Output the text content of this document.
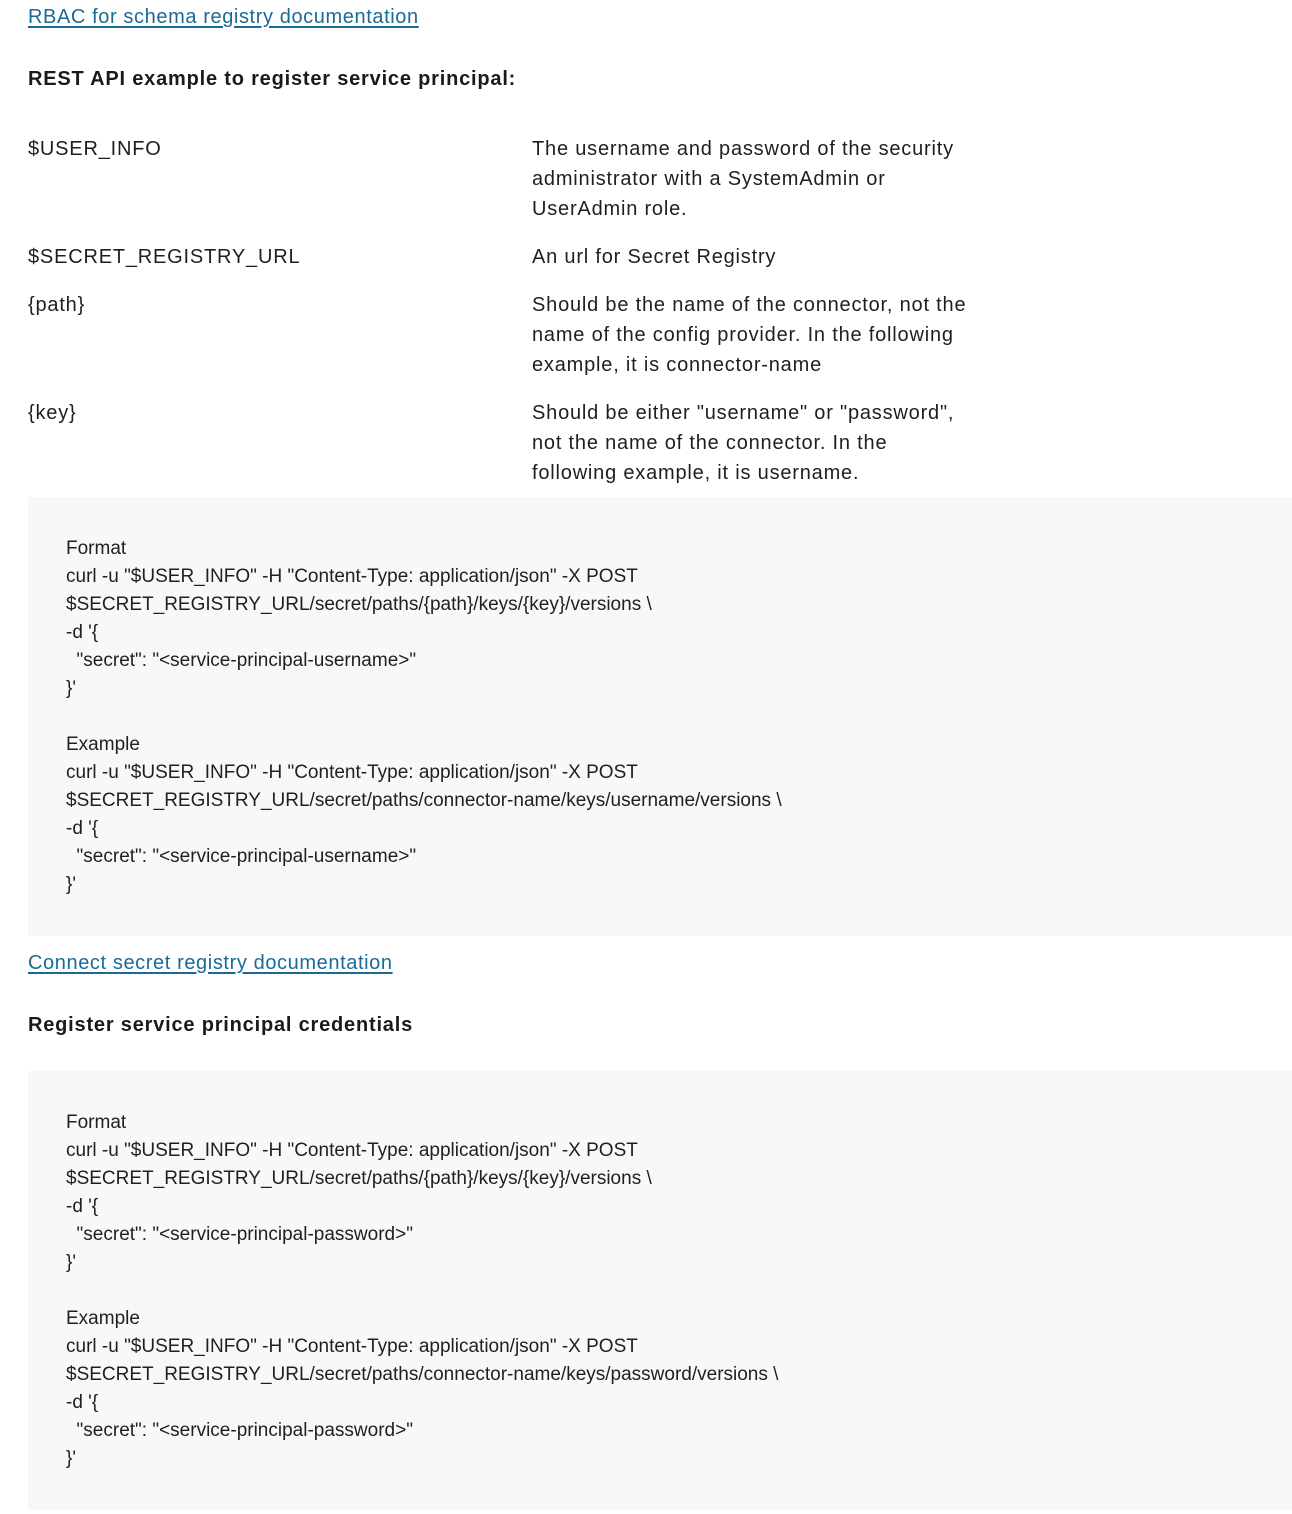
RBAC for schema registry documentation
REST API example to register service principal:
$USER_INFO	The username and password of the security
administrator with a SystemAdmin or
UserAdmin role.
$SECRET_REGISTRY_URL	An url for Secret Registry
{path}	Should be the name of the connector, not the
name of the config provider. In the following
example, it is connector-name
{key}	Should be either "username" or "password",
not the name of the connector. In the
following example, it is username.
Format
curl -u "$USER_INFO" -H "Content-Type: application/json" -X POST
$SECRET_REGISTRY_URL/secret/paths/{path}/keys/{key}/versions \
-d '{
"secret": "<service-principal-username>"
}'
Example
curl -u "$USER_INFO" -H "Content-Type: application/json" -X POST
$SECRET_REGISTRY_URL/secret/paths/connector-name/keys/username/versions \
-d '{
"secret": "<service-principal-username>"
}'
Connect secret registry documentation
Register service principal credentials
Format
curl -u "$USER_INFO" -H "Content-Type: application/json" -X POST
$SECRET_REGISTRY_URL/secret/paths/{path}/keys/{key}/versions \
-d '{
"secret": "<service-principal-password>"
}'
Example
curl -u "$USER_INFO" -H "Content-Type: application/json" -X POST
$SECRET_REGISTRY_URL/secret/paths/connector-name/keys/password/versions \
-d '{
"secret": "<service-principal-password>"
}'
